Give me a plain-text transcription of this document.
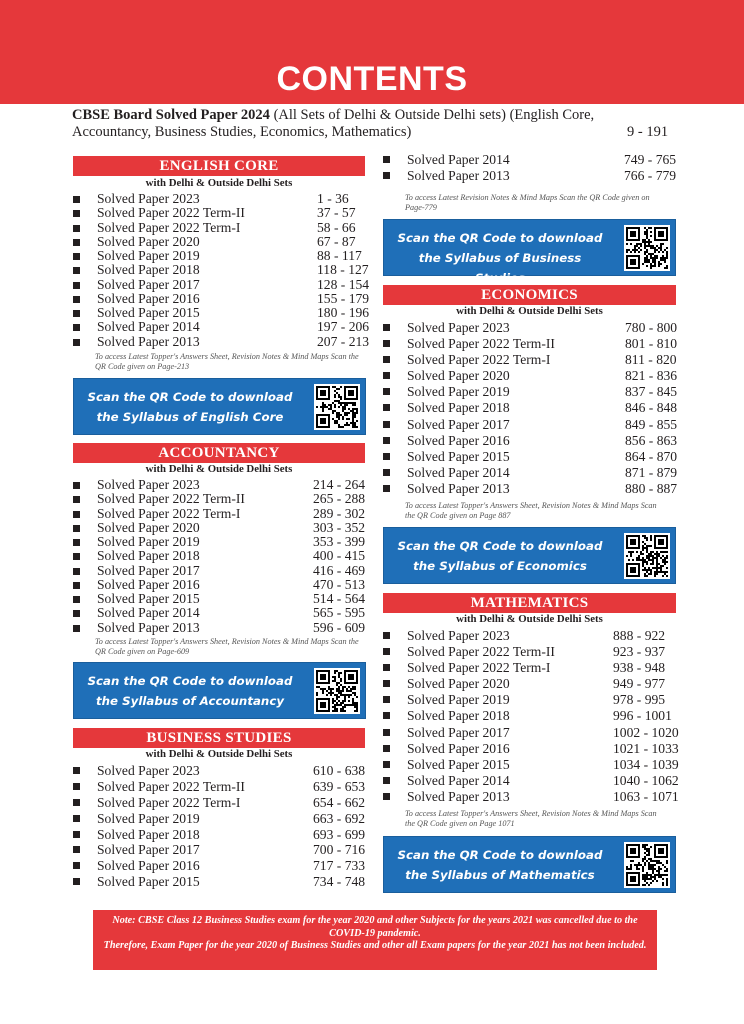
CONTENTS
CBSE Board Solved Paper 2024 (All Sets of Delhi & Outside Delhi sets) (English Core, Accountancy, Business Studies, Economics, Mathematics)	9 - 191
ENGLISH CORE
with Delhi & Outside Delhi Sets
Solved Paper 2023	1 - 36
Solved Paper 2022 Term-II	37 - 57
Solved Paper 2022 Term-I	58 - 66
Solved Paper 2020	67 - 87
Solved Paper 2019	88 - 117
Solved Paper 2018	118 - 127
Solved Paper 2017	128 - 154
Solved Paper 2016	155 - 179
Solved Paper 2015	180 - 196
Solved Paper 2014	197 - 206
Solved Paper 2013	207 - 213
To access Latest Topper's Answers Sheet, Revision Notes & Mind Maps Scan the QR Code given on Page-213
Scan the QR Code to download the Syllabus of English Core
ACCOUNTANCY
with Delhi & Outside Delhi Sets
Solved Paper 2023	214 - 264
Solved Paper 2022 Term-II	265 - 288
Solved Paper 2022 Term-I	289 - 302
Solved Paper 2020	303 - 352
Solved Paper 2019	353 - 399
Solved Paper 2018	400 - 415
Solved Paper 2017	416 - 469
Solved Paper 2016	470 - 513
Solved Paper 2015	514 - 564
Solved Paper 2014	565 - 595
Solved Paper 2013	596 - 609
To access Latest Topper's Answers Sheet, Revision Notes & Mind Maps Scan the QR Code given on Page-609
Scan the QR Code to download the Syllabus of Accountancy
BUSINESS STUDIES
with Delhi & Outside Delhi Sets
Solved Paper 2023	610 - 638
Solved Paper 2022 Term-II	639 - 653
Solved Paper 2022 Term-I	654 - 662
Solved Paper 2019	663 - 692
Solved Paper 2018	693 - 699
Solved Paper 2017	700 - 716
Solved Paper 2016	717 - 733
Solved Paper 2015	734 - 748
Solved Paper 2014	749 - 765
Solved Paper 2013	766 - 779
To access Latest Revision Notes & Mind Maps Scan the QR Code given on Page-779
Scan the QR Code to download the Syllabus of Business Studies
ECONOMICS
with Delhi & Outside Delhi Sets
Solved Paper 2023	780 - 800
Solved Paper 2022 Term-II	801 - 810
Solved Paper 2022 Term-I	811 - 820
Solved Paper 2020	821 - 836
Solved Paper 2019	837 - 845
Solved Paper 2018	846 - 848
Solved Paper 2017	849 - 855
Solved Paper 2016	856 - 863
Solved Paper 2015	864 - 870
Solved Paper 2014	871 - 879
Solved Paper 2013	880 - 887
To access Latest Topper's Answers Sheet, Revision Notes & Mind Maps Scan the QR Code given on Page 887
Scan the QR Code to download the Syllabus of Economics
MATHEMATICS
with Delhi & Outside Delhi Sets
Solved Paper 2023	888 - 922
Solved Paper 2022 Term-II	923 - 937
Solved Paper 2022 Term-I	938 - 948
Solved Paper 2020	949 - 977
Solved Paper 2019	978 - 995
Solved Paper 2018	996 - 1001
Solved Paper 2017	1002 - 1020
Solved Paper 2016	1021 - 1033
Solved Paper 2015	1034 - 1039
Solved Paper 2014	1040 - 1062
Solved Paper 2013	1063 - 1071
To access Latest Topper's Answers Sheet, Revision Notes & Mind Maps Scan the QR Code given on Page 1071
Scan the QR Code to download the Syllabus of Mathematics

Note: CBSE Class 12 Business Studies exam for the year 2020 and other Subjects for the years 2021 was cancelled due to the COVID-19 pandemic.

Therefore, Exam Paper for the year 2020 of Business Studies and other all Exam papers for the year 2021 has not been included.
